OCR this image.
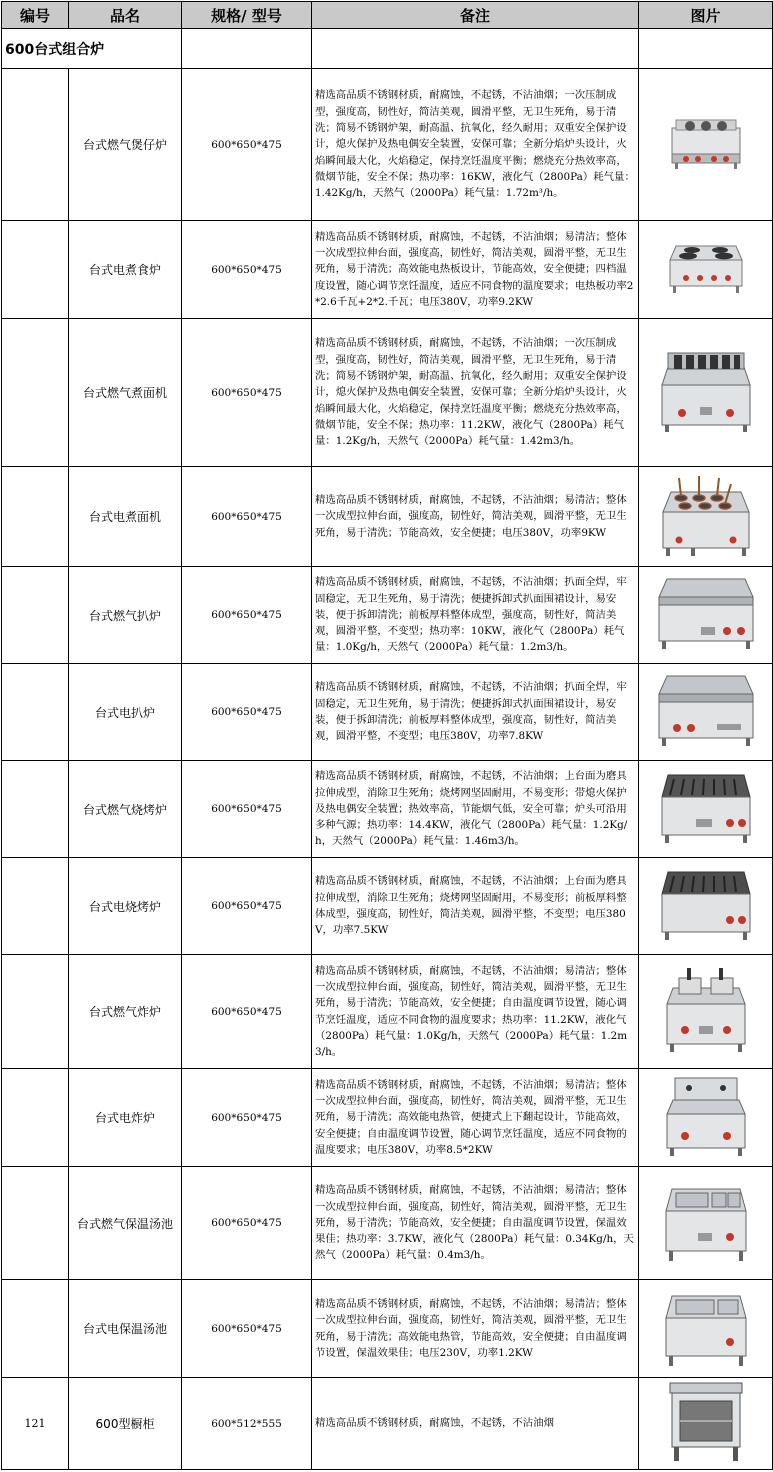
编号	品名	规格/ 型号	备注	图片
600台式组合炉				
	台式燃气煲仔炉	600*650*475	精选高品质不锈钢材质，耐腐蚀，不起锈，不沾油烟；一次压制成型，强度高，韧性好，简洁美观，圆滑平整，无卫生死角，易于清洗；简易不锈钢炉架，耐高温、抗氧化，经久耐用；双重安全保护设计，熄火保护及热电偶安全装置，安保可靠；全新分焰炉头设计，火焰瞬间最大化，火焰稳定，保持烹饪温度平衡；燃烧充分热效率高，微烟节能，安全不保；热功率：16KW，液化气（2800Pa）耗气量：1.42Kg/h，天然气（2000Pa）耗气量：1.72m³/h。	

	台式电煮食炉	600*650*475	精选高品质不锈钢材质，耐腐蚀，不起锈，不沾油烟；易清洁；整体一次成型拉伸台面，强度高，韧性好，简洁美观，圆滑平整，无卫生死角，易于清洗；高效能电热板设计，节能高效，安全便捷；四档温度设置，随心调节烹饪温度，适应不同食物的温度要求；电热板功率2*2.6千瓦+2*2.千瓦；电压380V，功率9.2KW	

	台式燃气煮面机	600*650*475	精选高品质不锈钢材质，耐腐蚀，不起锈，不沾油烟；一次压制成型，强度高，韧性好，简洁美观，圆滑平整，无卫生死角，易于清洗；简易不锈钢炉架，耐高温、抗氧化，经久耐用；双重安全保护设计，熄火保护及热电偶安全装置，安保可靠；全新分焰炉头设计，火焰瞬间最大化，火焰稳定，保持烹饪温度平衡；燃烧充分热效率高，微烟节能，安全不保；热功率：11.2KW，液化气（2800Pa）耗气量：1.2Kg/h，天然气（2000Pa）耗气量：1.42m3/h。	

	台式电煮面机	600*650*475	精选高品质不锈钢材质，耐腐蚀，不起锈，不沾油烟；易清洁；整体一次成型拉伸台面，强度高，韧性好，简洁美观，圆滑平整，无卫生死角，易于清洗；节能高效，安全便捷；电压380V，功率9KW	

	台式燃气扒炉	600*650*475	精选高品质不锈钢材质，耐腐蚀，不起锈，不沾油烟；扒面全焊，牢固稳定，无卫生死角，易于清洗；便捷拆卸式扒面围裙设计，易安装，便于拆卸清洗；前板厚料整体成型，强度高，韧性好，简洁美观，圆滑平整，不变型；热功率：10KW，液化气（2800Pa）耗气量：1.0Kg/h，天然气（2000Pa）耗气量：1.2m3/h。	

	台式电扒炉	600*650*475	精选高品质不锈钢材质，耐腐蚀，不起锈，不沾油烟；扒面全焊，牢固稳定，无卫生死角，易于清洗；便捷拆卸式扒面围裙设计，易安装，便于拆卸清洗；前板厚料整体成型，强度高，韧性好，简洁美观，圆滑平整，不变型；电压380V，功率7.8KW	

	台式燃气烧烤炉	600*650*475	精选高品质不锈钢材质，耐腐蚀，不起锈，不沾油烟；上台面为磨具拉伸成型，消除卫生死角；烧烤网坚固耐用，不易变形；带熄火保护及热电偶安全装置；热效率高，节能烟气低，安全可靠；炉头可沿用多种气源；热功率：14.4KW，液化气（2800Pa）耗气量：1.2Kg/h，天然气（2000Pa）耗气量：1.46m3/h。	

	台式电烧烤炉	600*650*475	精选高品质不锈钢材质，耐腐蚀，不起锈，不沾油烟；上台面为磨具拉伸成型，消除卫生死角；烧烤网坚固耐用，不易变形；前板厚料整体成型，强度高，韧性好，简洁美观，圆滑平整，不变型；电压380V，功率7.5KW	

	台式燃气炸炉	600*650*475	精选高品质不锈钢材质，耐腐蚀，不起锈，不沾油烟；易清洁；整体一次成型拉伸台面，强度高，韧性好，简洁美观，圆滑平整，无卫生死角，易于清洗；节能高效，安全便捷；自由温度调节设置，随心调节烹饪温度，适应不同食物的温度要求；热功率：11.2KW，液化气（2800Pa）耗气量：1.0Kg/h，天然气（2000Pa）耗气量：1.2m3/h。	

	台式电炸炉	600*650*475	精选高品质不锈钢材质，耐腐蚀，不起锈，不沾油烟；易清洁；整体一次成型拉伸台面，强度高，韧性好，简洁美观，圆滑平整，无卫生死角，易于清洗；高效能电热管，便捷式上下翻起设计，节能高效，安全便捷；自由温度调节设置，随心调节烹饪温度，适应不同食物的温度要求；电压380V，功率8.5*2KW	

	台式燃气保温汤池	600*650*475	精选高品质不锈钢材质，耐腐蚀，不起锈，不沾油烟；易清洁；整体一次成型拉伸台面，强度高，韧性好，简洁美观，圆滑平整，无卫生死角，易于清洗；节能高效，安全便捷；自由温度调节设置，保温效果佳；热功率：3.7KW，液化气（2800Pa）耗气量：0.34Kg/h，天然气（2000Pa）耗气量：0.4m3/h。	

	台式电保温汤池	600*650*475	精选高品质不锈钢材质，耐腐蚀，不起锈，不沾油烟；易清洁；整体一次成型拉伸台面，强度高，韧性好，简洁美观，圆滑平整，无卫生死角，易于清洗；高效能电热管，节能高效，安全便捷；自由温度调节设置，保温效果佳；电压230V，功率1.2KW	

121	600型橱柜	600*512*555	精选高品质不锈钢材质，耐腐蚀，不起锈，不沾油烟	
